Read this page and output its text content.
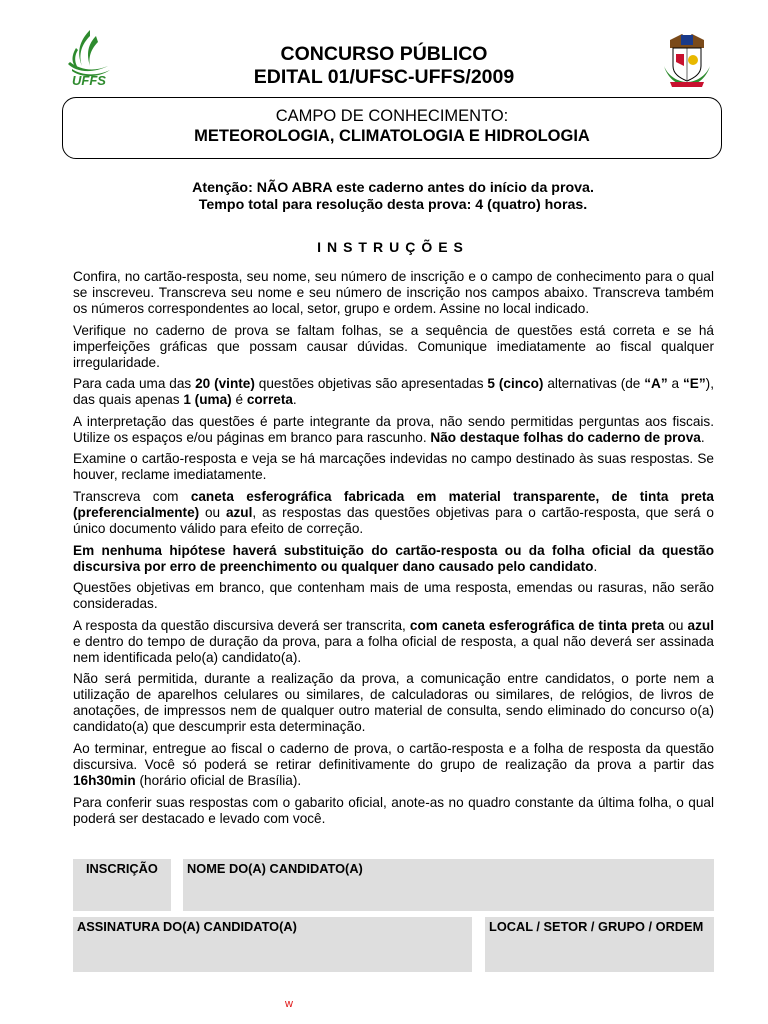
UFFS
CONCURSO PÚBLICO
EDITAL 01/UFSC-UFFS/2009
CAMPO DE CONHECIMENTO:
METEOROLOGIA, CLIMATOLOGIA E HIDROLOGIA
Atenção: NÃO ABRA este caderno antes do início da prova.
Tempo total para resolução desta prova: 4 (quatro) horas.
INSTRUÇÕES

Confira, no cartão-resposta, seu nome, seu número de inscrição e o campo de conhecimento para o qual se inscreveu. Transcreva seu nome e seu número de inscrição nos campos abaixo. Transcreva também os números correspondentes ao local, setor, grupo e ordem. Assine no local indicado.

Verifique no caderno de prova se faltam folhas, se a sequência de questões está correta e se há imperfeições gráficas que possam causar dúvidas. Comunique imediatamente ao fiscal qualquer irregularidade.

Para cada uma das 20 (vinte) questões objetivas são apresentadas 5 (cinco) alternativas (de “A” a “E”), das quais apenas 1 (uma) é correta.

A interpretação das questões é parte integrante da prova, não sendo permitidas perguntas aos fiscais. Utilize os espaços e/ou páginas em branco para rascunho. Não destaque folhas do caderno de prova.

Examine o cartão-resposta e veja se há marcações indevidas no campo destinado às suas respostas. Se houver, reclame imediatamente.

Transcreva com caneta esferográfica fabricada em material transparente, de tinta preta (preferencialmente) ou azul, as respostas das questões objetivas para o cartão-resposta, que será o único documento válido para efeito de correção.

Em nenhuma hipótese haverá substituição do cartão-resposta ou da folha oficial da questão discursiva por erro de preenchimento ou qualquer dano causado pelo candidato.

Questões objetivas em branco, que contenham mais de uma resposta, emendas ou rasuras, não serão consideradas.

A resposta da questão discursiva deverá ser transcrita, com caneta esferográfica de tinta preta ou azul e dentro do tempo de duração da prova, para a folha oficial de resposta, a qual não deverá ser assinada nem identificada pelo(a) candidato(a).

Não será permitida, durante a realização da prova, a comunicação entre candidatos, o porte nem a utilização de aparelhos celulares ou similares, de calculadoras ou similares, de relógios, de livros de anotações, de impressos nem de qualquer outro material de consulta, sendo eliminado do concurso o(a) candidato(a) que descumprir esta determinação.

Ao terminar, entregue ao fiscal o caderno de prova, o cartão-resposta e a folha de resposta da questão discursiva. Você só poderá se retirar definitivamente do grupo de realização da prova a partir das 16h30min (horário oficial de Brasília).

Para conferir suas respostas com o gabarito oficial, anote-as no quadro constante da última folha, o qual poderá ser destacado e levado com você.

INSCRIÇÃO	NOME DO(A) CANDIDATO(A)
ASSINATURA DO(A) CANDIDATO(A)	LOCAL / SETOR / GRUPO / ORDEM
w
